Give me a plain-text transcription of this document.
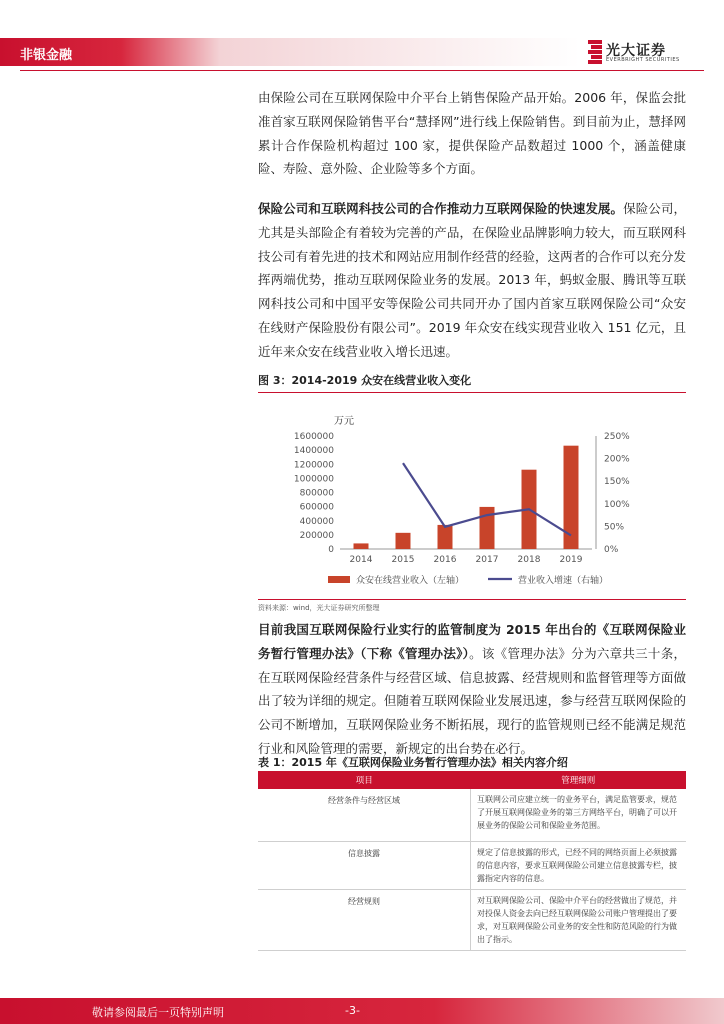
非银金融	光大证券
EVERBRIGHT SECURITIES

由保险公司在互联网保险中介平台上销售保险产品开始。2006 年，保监会批准首家互联网保险销售平台“慧择网”进行线上保险销售。到目前为止，慧择网累计合作保险机构超过 100 家，提供保险产品数超过 1000 个，涵盖健康险、寿险、意外险、企业险等多个方面。

保险公司和互联网科技公司的合作推动力互联网保险的快速发展。保险公司，尤其是头部险企有着较为完善的产品，在保险业品牌影响力较大，而互联网科技公司有着先进的技术和网站应用制作经营的经验，这两者的合作可以充分发挥两端优势，推动互联网保险业务的发展。2013 年，蚂蚁金服、腾讯等互联网科技公司和中国平安等保险公司共同开办了国内首家互联网保险公司“众安在线财产保险股份有限公司”。2019 年众安在线实现营业收入 151 亿元，且近年来众安在线营业收入增长迅速。

图 3：2014-2019 众安在线营业收入变化
万元
0
200000
400000
600000
800000
1000000
1200000
1400000
1600000
0%
50%
100%
150%
200%
250%
2014 2015 2016 2017 2018 2019
众安在线营业收入（左轴）	营业收入增速（右轴）
资料来源：wind，光大证券研究所整理

目前我国互联网保险行业实行的监管制度为 2015 年出台的《互联网保险业务暂行管理办法》（下称《管理办法》）。该《管理办法》分为六章共三十条，在互联网保险经营条件与经营区域、信息披露、经营规则和监督管理等方面做出了较为详细的规定。但随着互联网保险业发展迅速，参与经营互联网保险的公司不断增加，互联网保险业务不断拓展，现行的监管规则已经不能满足规范行业和风险管理的需要，新规定的出台势在必行。

表 1：2015 年《互联网保险业务暂行管理办法》相关内容介绍
项目	管理细则
经营条件与经营区域	互联网公司应建立统一的业务平台，满足监管要求，规范了开展互联网保险业务的第三方网络平台，明确了可以开展业务的保险公司和保险业务范围。
信息披露	规定了信息披露的形式，已经不同的网络页面上必须披露的信息内容，要求互联网保险公司建立信息披露专栏，披露指定内容的信息。
经营规则	对互联网保险公司、保险中介平台的经营做出了规范，并对投保人资金去向已经互联网保险公司账户管理提出了要求，对互联网保险公司业务的安全性和防范风险的行为做出了指示。
敬请参阅最后一页特别声明	-3-
